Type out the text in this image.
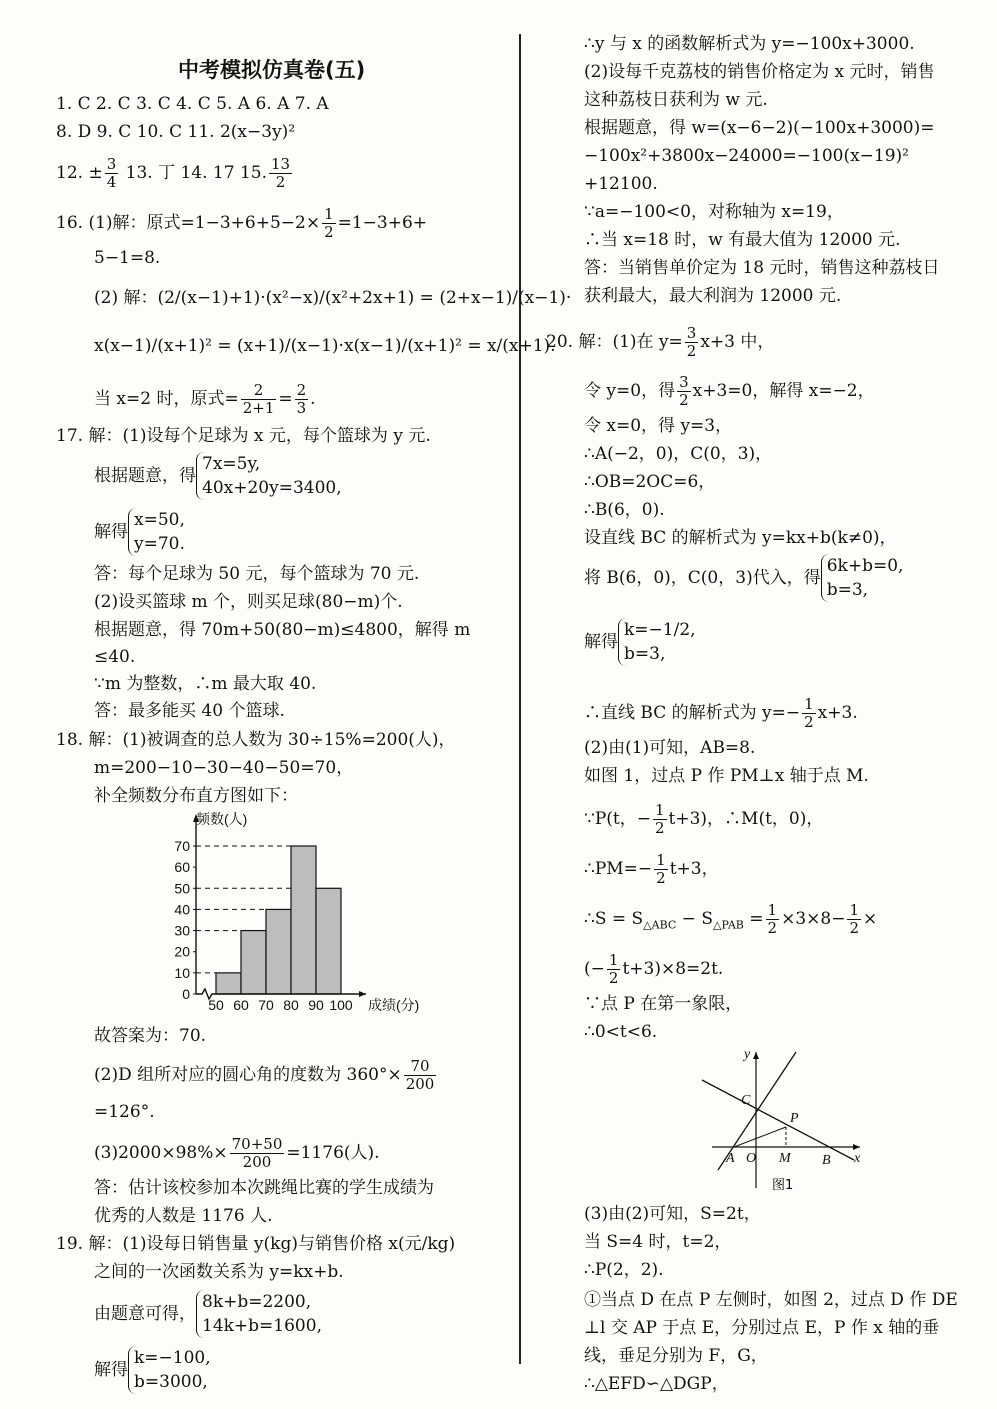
中考模拟仿真卷(五)
1. C 2. C 3. C 4. C 5. A 6. A 7. A
8. D 9. C 10. C 11. 2(x−3y)²
12. ± $\frac{3}{4} 13$. 丁 14. 17 15. $\frac{13}{2}$
16. (1)解：原式$=1-3+6+5-2\times \frac{1}{2} =1-3+6+$
5−1=8.
(2) 解：(2/(x−1)+1)·(x²−x)/(x²+2x+1) = (2+x−1)/(x−1)·
x(x−1)/(x+1)² = (x+1)/(x−1)·x(x−1)/(x+1)² = x/(x+1).
当 x=2 时，原式= $\frac{2}{2+1} = \frac{2}{3}$ .
17. 解：(1)设每个足球为 x 元，每个篮球为 y 元.
根据题意，得
7x=5y,
40x+20y=3400,
解得
x=50,
y=70.
答：每个足球为 50 元，每个篮球为 70 元.
(2)设买篮球 m 个，则买足球(80−m)个.
根据题意，得 70m+50(80−m)≤4800，解得 m
≤40.
∵m 为整数，∴m 最大取 40.
答：最多能买 40 个篮球.
18. 解：(1)被调查的总人数为 30÷15%=200(人)，
m=200−10−30−40−50=70，
补全频数分布直方图如下：
0
10
20
30
40
50
60
70
50 60 70 80 90 100
频数(人)
成绩(分)
故答案为：70.
(2)D 组所对应的圆心角的度数为 $360^\circ\times \frac{70}{200}$
=126°.
$(3)2000\times 98\%\times \frac{70+50}{200} =1176$(人).
答：估计该校参加本次跳绳比赛的学生成绩为
优秀的人数是 1176 人.
19. 解：(1)设每日销售量 y(kg)与销售价格 x(元/kg)
之间的一次函数关系为 y=kx+b.
由题意可得，
8k+b=2200,
14k+b=1600,
解得
k=−100,
b=3000,
∴y 与 x 的函数解析式为 y=−100x+3000.
(2)设每千克荔枝的销售价格定为 x 元时，销售
这种荔枝日获利为 w 元.
根据题意，得 w=(x−6−2)(−100x+3000)=
−100x²+3800x−24000=−100(x−19)²
+12100.
∵a=−100<0，对称轴为 x=19，
∴当 x=18 时，w 有最大值为 12000 元.
答：当销售单价定为 18 元时，销售这种荔枝日
获利最大，最大利润为 12000 元.
20. 解：(1)在 $y= \frac{3}{2} x+3$ 中，
令 y=0，得 $\frac{3}{2} x+3=0$，解得 x=−2，
令 x=0，得 y=3，
∴A(−2，0)，C(0，3)，
∴OB=2OC=6，
∴B(6，0).
设直线 BC 的解析式为 y=kx+b(k≠0)，
将 B(6，0)，C(0，3)代入，得
6k+b=0,
b=3,
解得
k=−1/2,
b=3,
∴直线 BC 的解析式为 $y=- \frac{1}{2} x+3$.
(2)由(1)可知，AB=8.
如图 1，过点 P 作 PM⊥x 轴于点 M.
∵P(t，− $\frac{1}{2} t+3$)，∴M(t，0)，
∴PM=− $\frac{1}{2} t+3$，
∴S = $S_{\triangle ABC} - S_{\triangle PAB} = \frac{1}{2} \times 3\times 8- \frac{1}{2}$ ×
(− $\frac{1}{2} t+3)\times 8=2t$.
∵点 P 在第一象限，
∴0<t<6.
y
x
C
P
A O M B
图1
(3)由(2)可知，S=2t，
当 S=4 时，t=2，
∴P(2，2).
①当点 D 在点 P 左侧时，如图 2，过点 D 作 DE
⊥l 交 AP 于点 E，分别过点 E，P 作 x 轴的垂
线，垂足分别为 F，G，
∴△EFD∽△DGP，
